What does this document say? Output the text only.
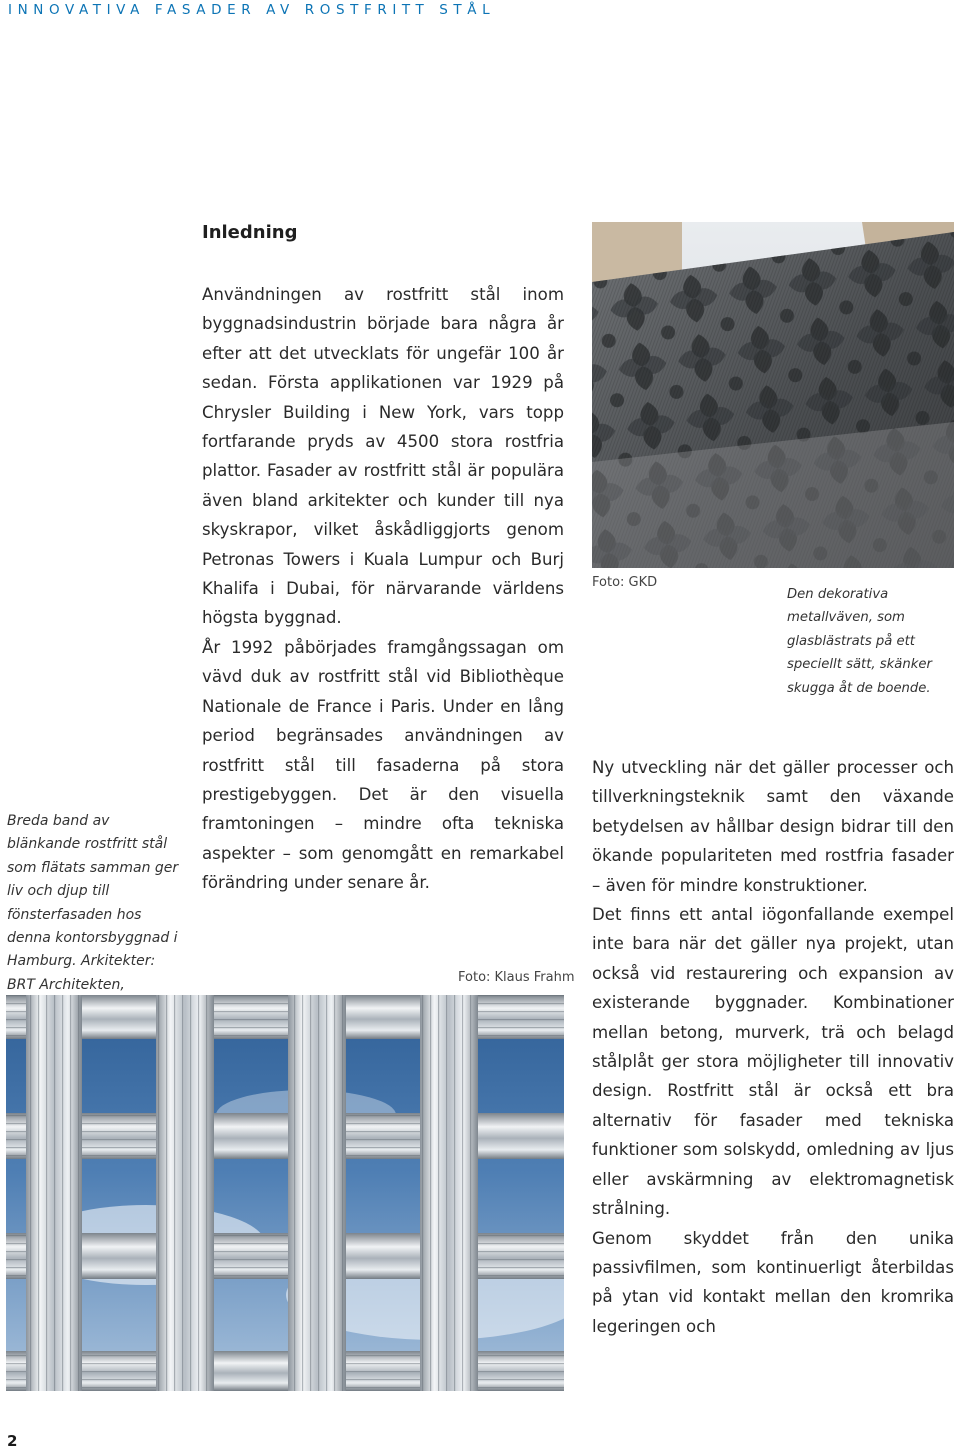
INNOVATIVA FASADER AV ROSTFRITT STÅL
Inledning

Användningen av rostfritt stål inom byggnadsindustrin började bara några år efter att det utvecklats för ungefär 100 år sedan. Första applikationen var 1929 på Chrysler Building i New York, vars topp fortfarande pryds av 4500 stora rostfria plattor. Fasader av rostfritt stål är populära även bland arkitekter och kunder till nya skyskrapor, vilket åskådliggjorts genom Petronas Towers i Kuala Lumpur och Burj Khalifa i Dubai, för närvarande världens högsta byggnad.

År 1992 påbörjades framgångssagan om vävd duk av rostfritt stål vid Bibliothèque Nationale de France i Paris. Under en lång period begränsades användningen av rostfritt stål till fasaderna på stora prestigebyggen. Det är den visuella framtoningen – mindre ofta tekniska aspekter – som genomgått en remarkabel förändring under senare år.

Foto: GKD
Den dekorativa metallväven, som glasblästrats på ett speciellt sätt, skänker skugga åt de boende.

Ny utveckling när det gäller processer och tillverkningsteknik samt den växande betydelsen av hållbar design bidrar till den ökande populariteten med rostfria fasader – även för mindre konstruktioner.

Det finns ett antal iögonfallande exempel inte bara när det gäller nya projekt, utan också vid restaurering och expansion av existerande byggnader. Kombinationer mellan betong, murverk, trä och belagd stålplåt ger stora möjligheter till innovativ design. Rostfritt stål är också ett bra alternativ för fasader med tekniska funktioner som solskydd, omledning av ljus eller avskärmning av elektromagnetisk strålning.

Genom skyddet från den unika passivfilmen, som kontinuerligt återbildas på ytan vid kontakt mellan den kromrika legeringen och

Breda band av blänkande rostfritt stål som flätats samman ger liv och djup till fönsterfasaden hos denna kontorsbyggnad i Hamburg. Arkitekter: BRT Architekten,	Foto: Klaus Frahm
2
